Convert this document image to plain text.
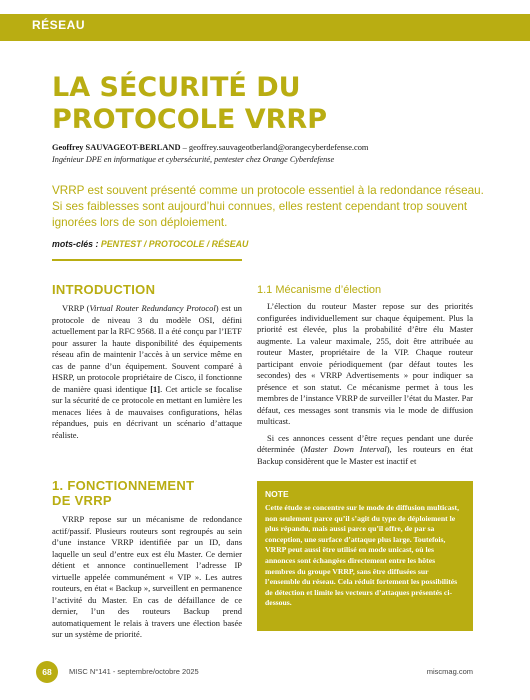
RÉSEAU
LA SÉCURITÉ DU
PROTOCOLE VRRP
Geoffrey SAUVAGEOT-BERLAND – geoffrey.sauvageotberland@orangecyberdefense.com
Ingénieur DPE en informatique et cybersécurité, pentester chez Orange Cyberdefense
VRRP est souvent présenté comme un protocole essentiel à la redondance réseau. Si ses faiblesses sont aujourd’hui connues, elles restent cependant trop souvent ignorées lors de son déploiement.
mots-clés : PENTEST / PROTOCOLE / RÉSEAU
INTRODUCTION

VRRP (Virtual Router Redundancy Protocol) est un protocole de niveau 3 du modèle OSI, défini actuellement par la RFC 9568. Il a été conçu par l’IETF pour assurer la haute disponibilité des équipements réseau afin de maintenir l’accès à un service même en cas de panne d’un équipement. Souvent comparé à HSRP, un protocole propriétaire de Cisco, il fonctionne de manière quasi identique [1]. Cet article se focalise sur la sécurité de ce protocole en mettant en lumière les menaces liées à de mauvaises configurations, hélas répandues, puis en décrivant un scénario d’attaque réaliste.

1. FONCTIONNEMENT
DE VRRP

VRRP repose sur un mécanisme de redondance actif/passif. Plusieurs routeurs sont regroupés au sein d’une instance VRRP identifiée par un ID, dans laquelle un seul d’entre eux est élu Master. Ce dernier détient et annonce continuellement l’adresse IP virtuelle appelée communément « VIP ». Les autres routeurs, en état « Backup », surveillent en permanence l’activité du Master. En cas de défaillance de ce dernier, l’un des routeurs Backup prend automatiquement le relais à travers une élection basée sur un système de priorité.

1.1 Mécanisme d’élection

L’élection du routeur Master repose sur des priorités configurées individuellement sur chaque équipement. Plus la priorité est élevée, plus la probabilité d’être élu Master augmente. La valeur maximale, 255, doit être attribuée au routeur Master, propriétaire de la VIP. Chaque routeur participant envoie périodiquement (par défaut toutes les secondes) des « VRRP Advertisements » pour indiquer sa présence et son statut. Ce mécanisme permet à tous les membres de l’instance VRRP de surveiller l’état du Master. Par défaut, ces messages sont transmis via le mode de diffusion multicast.

Si ces annonces cessent d’être reçues pendant une durée déterminée (Master Down Interval), les routeurs en état Backup considèrent que le Master est inactif et

NOTE

Cette étude se concentre sur le mode de diffusion multicast, non seulement parce qu’il s’agit du type de déploiement le plus répandu, mais aussi parce qu’il offre, de par sa conception, une surface d’attaque plus large. Toutefois, VRRP peut aussi être utilisé en mode unicast, où les annonces sont échangées directement entre les hôtes membres du groupe VRRP, sans être diffusées sur l’ensemble du réseau. Cela réduit fortement les possibilités de détection et limite les vecteurs d’attaques présentés ci-dessous.

68	MISC N°141 - septembre/octobre 2025	miscmag.com
